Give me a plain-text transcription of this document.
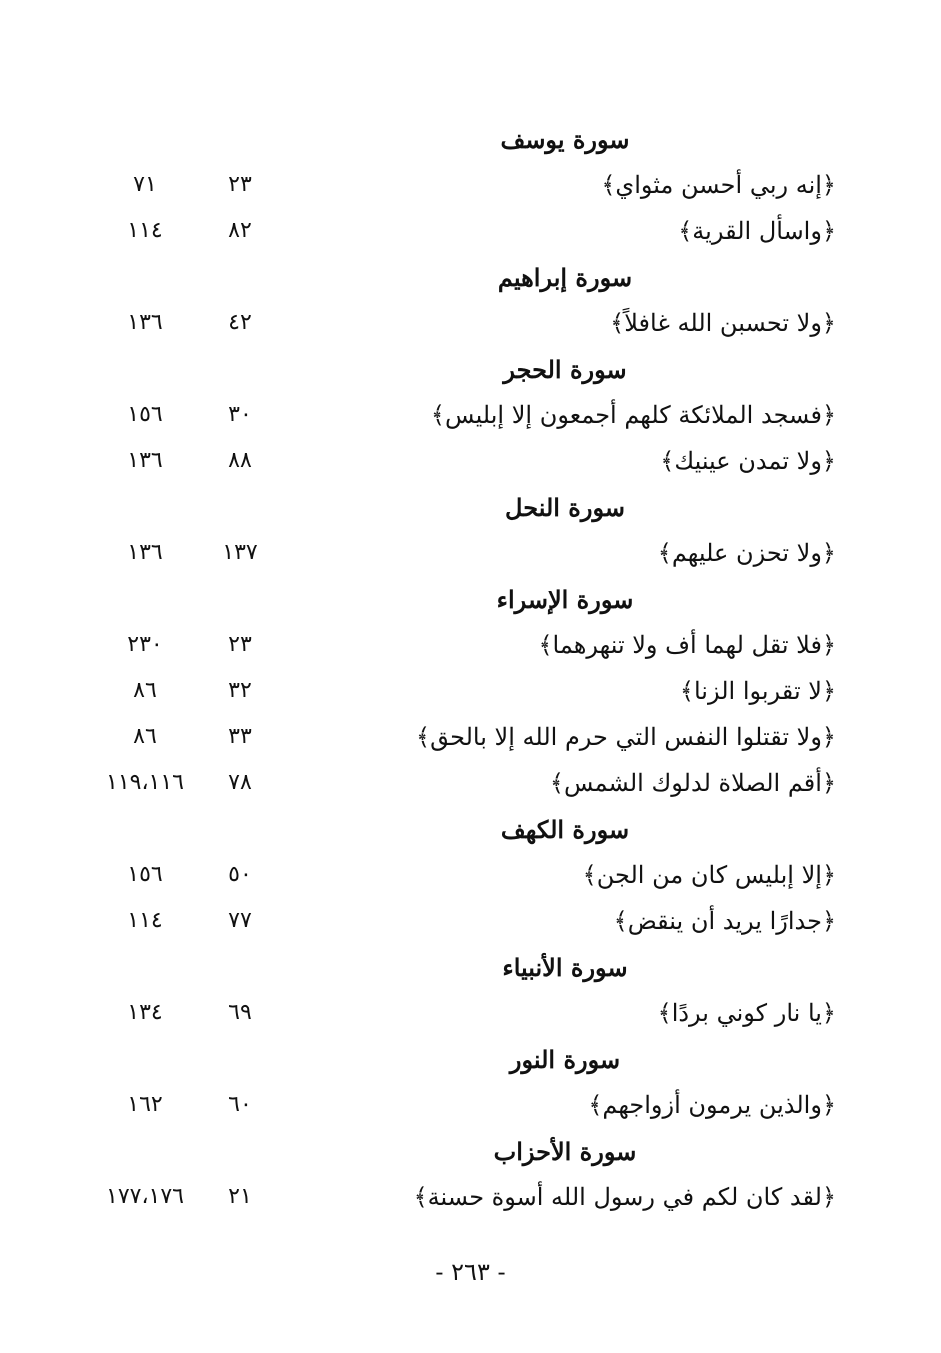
سورة يوسف
﴿إنه ربي أحسن مثواي﴾
٢٣
٧١
﴿واسأل القرية﴾
٨٢
١١٤
سورة إبراهيم
﴿ولا تحسبن الله غافلاً﴾
٤٢
١٣٦
سورة الحجر
﴿فسجد الملائكة كلهم أجمعون إلا إبليس﴾
٣٠
١٥٦
﴿ولا تمدن عينيك﴾
٨٨
١٣٦
سورة النحل
﴿ولا تحزن عليهم﴾
١٣٧
١٣٦
سورة الإسراء
﴿فلا تقل لهما أف ولا تنهرهما﴾
٢٣
٢٣٠
﴿لا تقربوا الزنا﴾
٣٢
٨٦
﴿ولا تقتلوا النفس التي حرم الله إلا بالحق﴾
٣٣
٨٦
﴿أقم الصلاة لدلوك الشمس﴾
٧٨
١١٩،١١٦
سورة الكهف
﴿إلا إبليس كان من الجن﴾
٥٠
١٥٦
﴿جدارًا يريد أن ينقض﴾
٧٧
١١٤
سورة الأنبياء
﴿يا نار كوني بردًا﴾
٦٩
١٣٤
سورة النور
﴿والذين يرمون أزواجهم﴾
٦٠
١٦٢
سورة الأحزاب
﴿لقد كان لكم في رسول الله أسوة حسنة﴾
٢١
١٧٧،١٧٦
- ٢٦٣ -
